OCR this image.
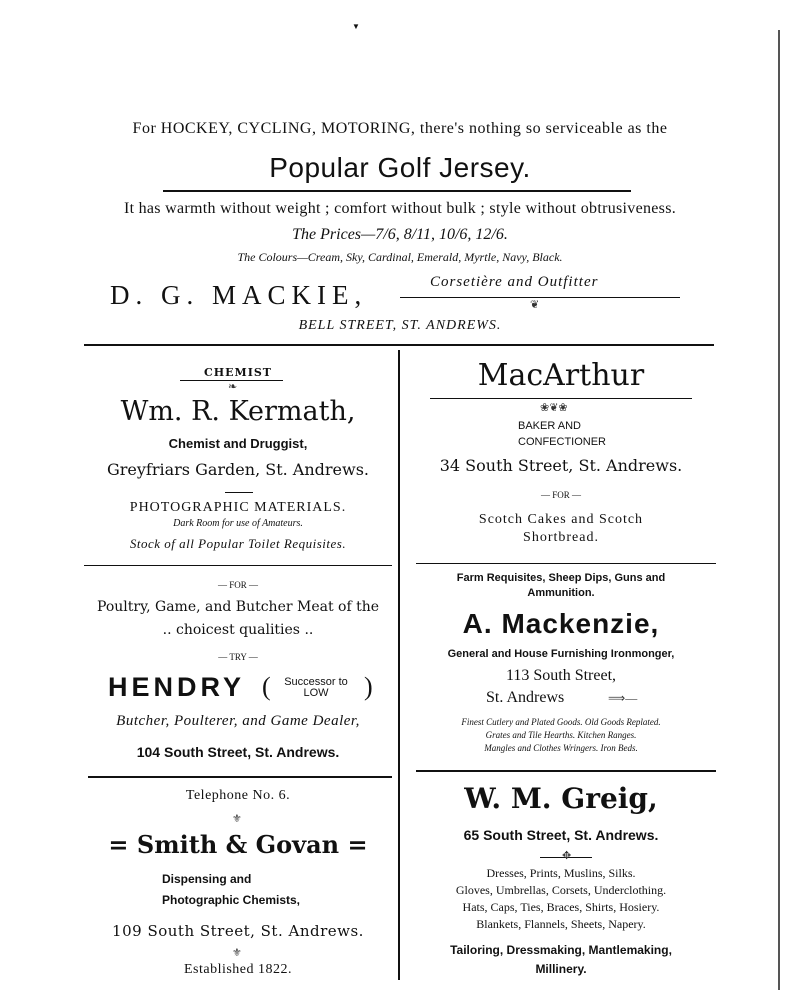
For HOCKEY, CYCLING, MOTORING, there's nothing so serviceable as the
Popular Golf Jersey.
It has warmth without weight ; comfort without bulk ; style without obtrusiveness.
The Prices—7/6, 8/11, 10/6, 12/6.
The Colours—Cream, Sky, Cardinal, Emerald, Myrtle, Navy, Black.
D. G. MACKIE,	Corsetière and Outfitter
❦
BELL STREET, ST. ANDREWS.
CHEMIST
❧
Wm. R. Kermath,
Chemist and Druggist,
Greyfriars Garden, St. Andrews.
PHOTOGRAPHIC MATERIALS.
Dark Room for use of Amateurs.
Stock of all Popular Toilet Requisites.
MacArthur
❀❦❀
BAKER AND
CONFECTIONER
34 South Street, St. Andrews.
— FOR —
Scotch Cakes and Scotch
Shortbread.
— FOR —
Poultry, Game, and Butcher Meat of the
.. choicest qualities ..
— TRY —
HENDRY (	Successor to
LOW	)
Butcher, Poulterer, and Game Dealer,
104 South Street, St. Andrews.
Farm Requisites, Sheep Dips, Guns and
Ammunition.
A. Mackenzie,
General and House Furnishing Ironmonger,
113 South Street,
St. Andrews	⟹—
Finest Cutlery and Plated Goods. Old Goods Replated.
Grates and Tile Hearths. Kitchen Ranges.
Mangles and Clothes Wringers. Iron Beds.
Telephone No. 6.
⚜
= Smith & Govan =
Dispensing and
Photographic Chemists,
109 South Street, St. Andrews.
⚜
Established 1822.
W. M. Greig,
65 South Street, St. Andrews.
✥
Dresses, Prints, Muslins, Silks.
Gloves, Umbrellas, Corsets, Underclothing.
Hats, Caps, Ties, Braces, Shirts, Hosiery.
Blankets, Flannels, Sheets, Napery.
Tailoring, Dressmaking, Mantlemaking,
Millinery.
▼
